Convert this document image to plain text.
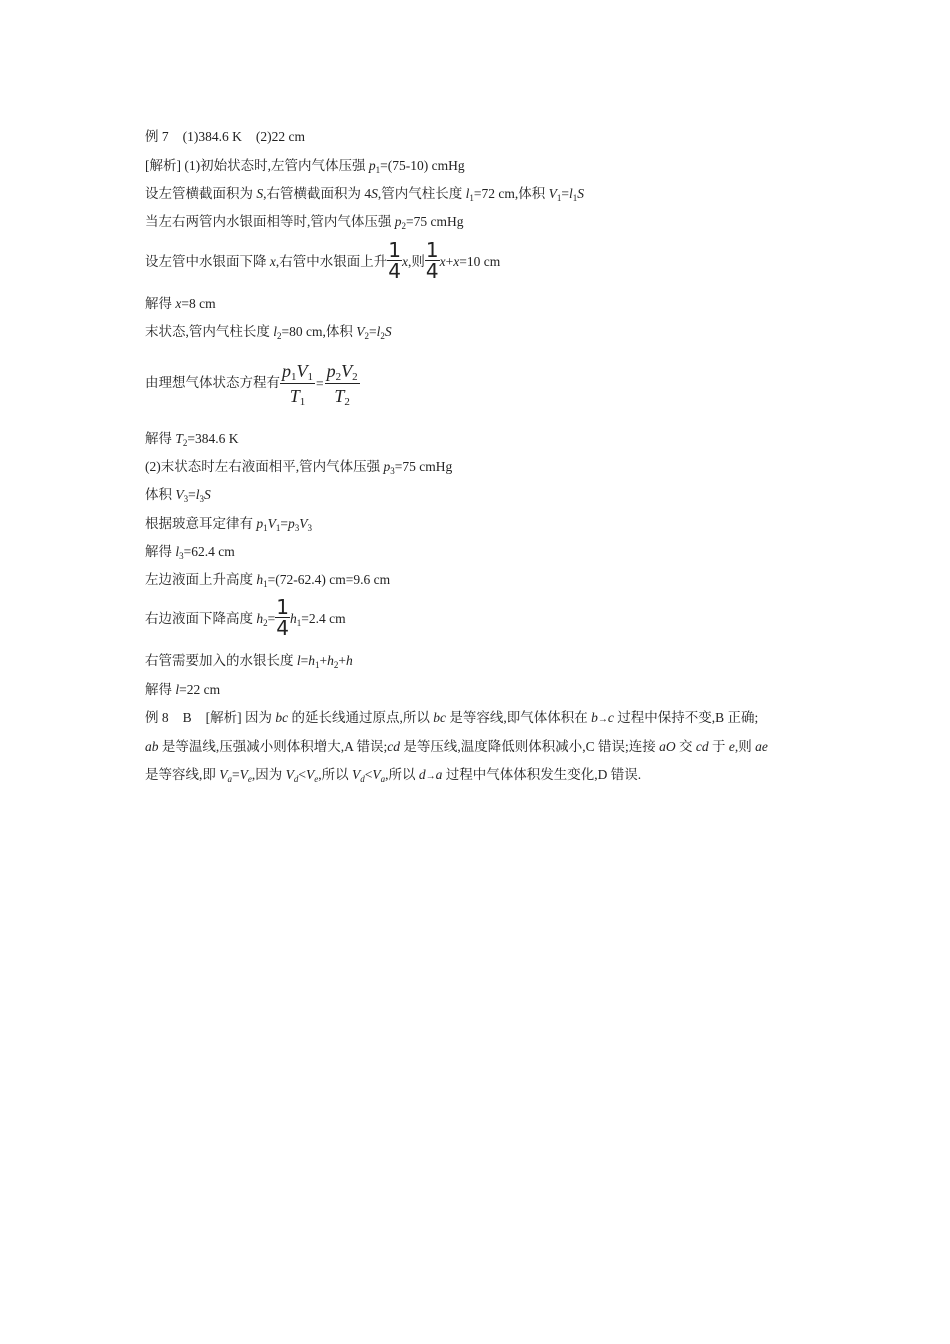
例 7 (1)384.6 K (2)22 cm
[解析] (1)初始状态时,左管内气体压强 $p_1=(75-10)$ cmHg
设左管横截面积为 S,右管横截面积为 4S,管内气柱长度 $l_1=72$ cm,体积 $V_1=l_1S$
当左右两管内水银面相等时,管内气体压强 $p_2=75$ cmHg
设左管中水银面下降 x,右管中水银面上升 $\frac{1}{4} x$,则 $\frac{1}{4} x+x=10$ cm
解得 x=8 cm
末状态,管内气柱长度 $l_2=80$ cm,体积 $V_2=l_2S$
由理想气体状态方程有 $\frac{p_1V_1}{T_1} = \frac{p_2V_2}{T_2}$
解得 $T_2=384.6$ K
(2)末状态时左右液面相平,管内气体压强 $p_3=75$ cmHg
体积 $V_3=l_3S$
根据玻意耳定律有 $p_1V_1=p_3V_3$
解得 $l_3=62.4$ cm
左边液面上升高度 $h_1=(72-62.4)$ cm=9.6 cm
右边液面下降高度 $h_2= \frac{1}{4} h_1=2.4$ cm
右管需要加入的水银长度 $l=h_1+h_2+h$
解得 l=22 cm
例 8 B [解析] 因为 bc 的延长线通过原点,所以 bc 是等容线,即气体体积在 b→c 过程中保持不变,B 正确;
ab 是等温线,压强减小则体积增大,A 错误;cd 是等压线,温度降低则体积减小,C 错误;连接 aO 交 cd 于 e,则 ae
是等容线,即 $V_a=V_e$,因为 $V_d<V_e$,所以 $V_d<V_a$,所以 d→a 过程中气体体积发生变化,D 错误.
